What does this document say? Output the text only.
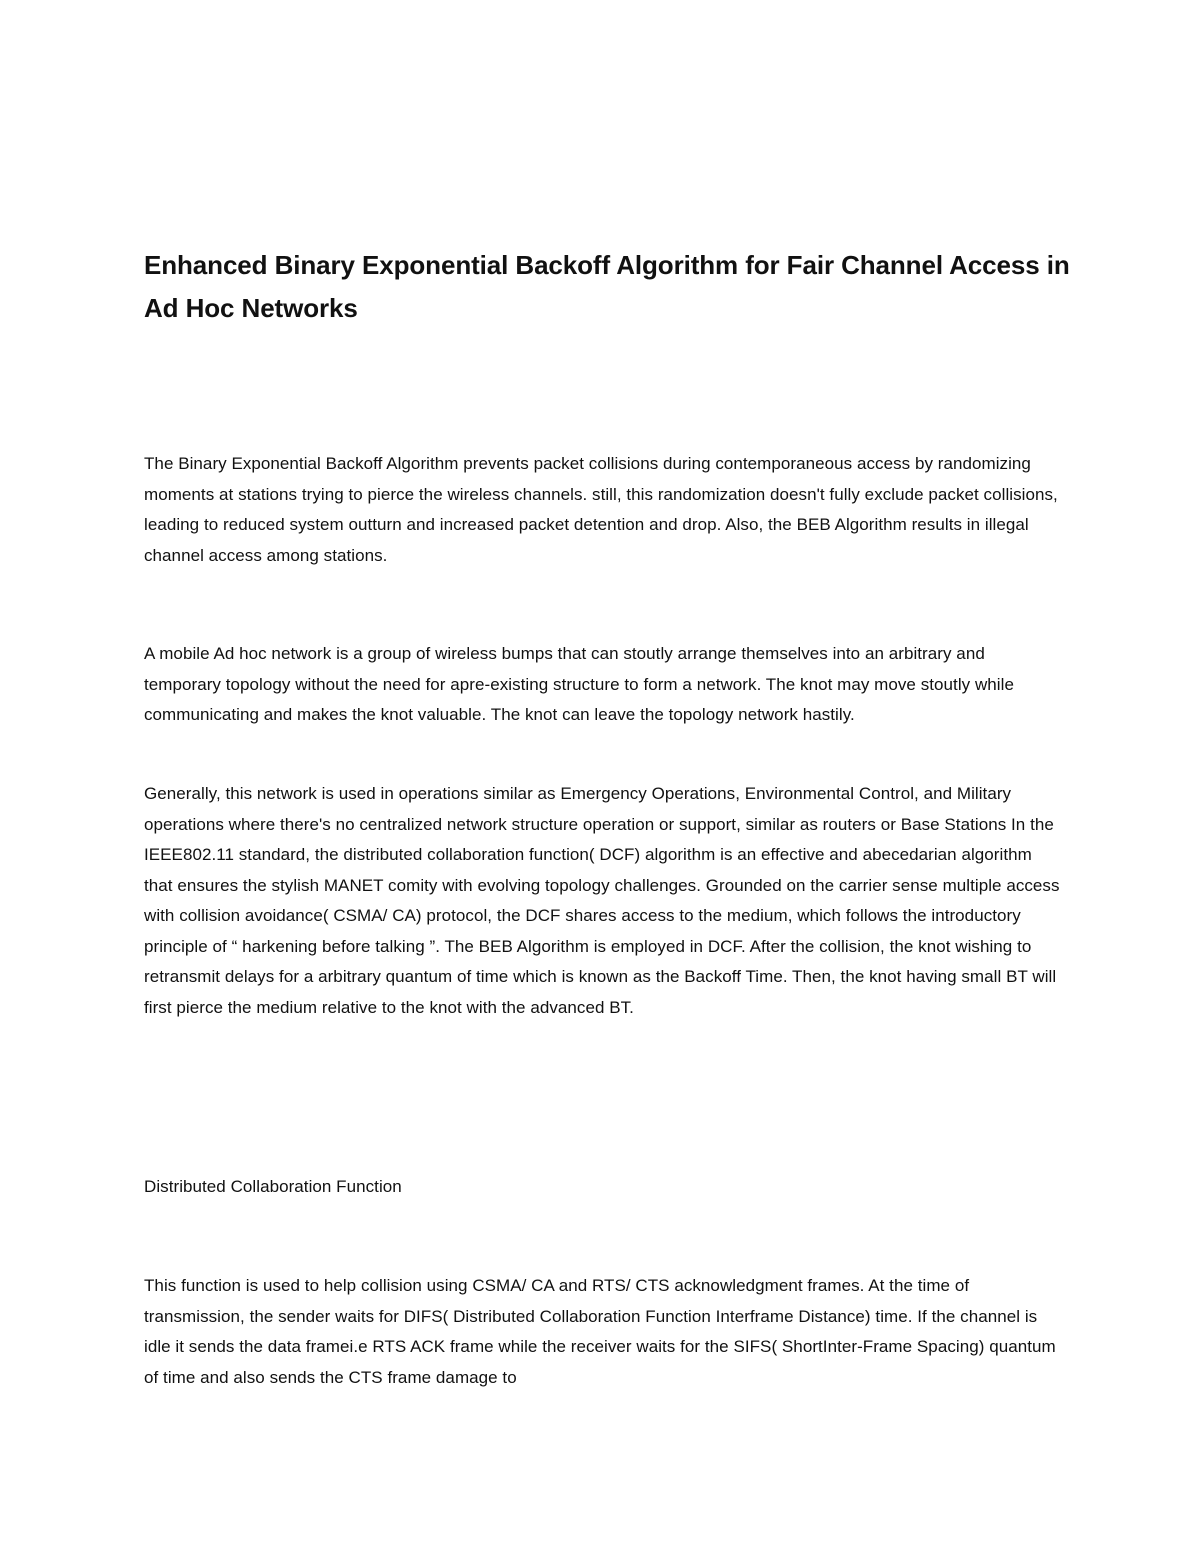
Enhanced Binary Exponential Backoff Algorithm for Fair Channel Access in Ad Hoc Networks

The Binary Exponential Backoff Algorithm prevents packet collisions during contemporaneous access by randomizing moments at stations trying to pierce the wireless channels. still, this randomization doesn't fully exclude packet collisions, leading to reduced system outturn and increased packet detention and drop. Also, the BEB Algorithm results in illegal channel access among stations.

A mobile Ad hoc network is a group of wireless bumps that can stoutly arrange themselves into an arbitrary and temporary topology without the need for apre-existing structure to form a network. The knot may move stoutly while communicating and makes the knot valuable. The knot can leave the topology network hastily.

Generally, this network is used in operations similar as Emergency Operations, Environmental Control, and Military operations where there's no centralized network structure operation or support, similar as routers or Base Stations In the IEEE802.11 standard, the distributed collaboration function( DCF) algorithm is an effective and abecedarian algorithm that ensures the stylish MANET comity with evolving topology challenges. Grounded on the carrier sense multiple access with collision avoidance( CSMA/ CA) protocol, the DCF shares access to the medium, which follows the introductory principle of “ harkening before talking ”. The BEB Algorithm is employed in DCF. After the collision, the knot wishing to retransmit delays for a arbitrary quantum of time which is known as the Backoff Time. Then, the knot having small BT will first pierce the medium relative to the knot with the advanced BT.

Distributed Collaboration Function

This function is used to help collision using CSMA/ CA and RTS/ CTS acknowledgment frames. At the time of transmission, the sender waits for DIFS( Distributed Collaboration Function Interframe Distance) time. If the channel is idle it sends the data framei.e RTS ACK frame while the receiver waits for the SIFS( ShortInter-Frame Spacing) quantum of time and also sends the CTS frame damage to
